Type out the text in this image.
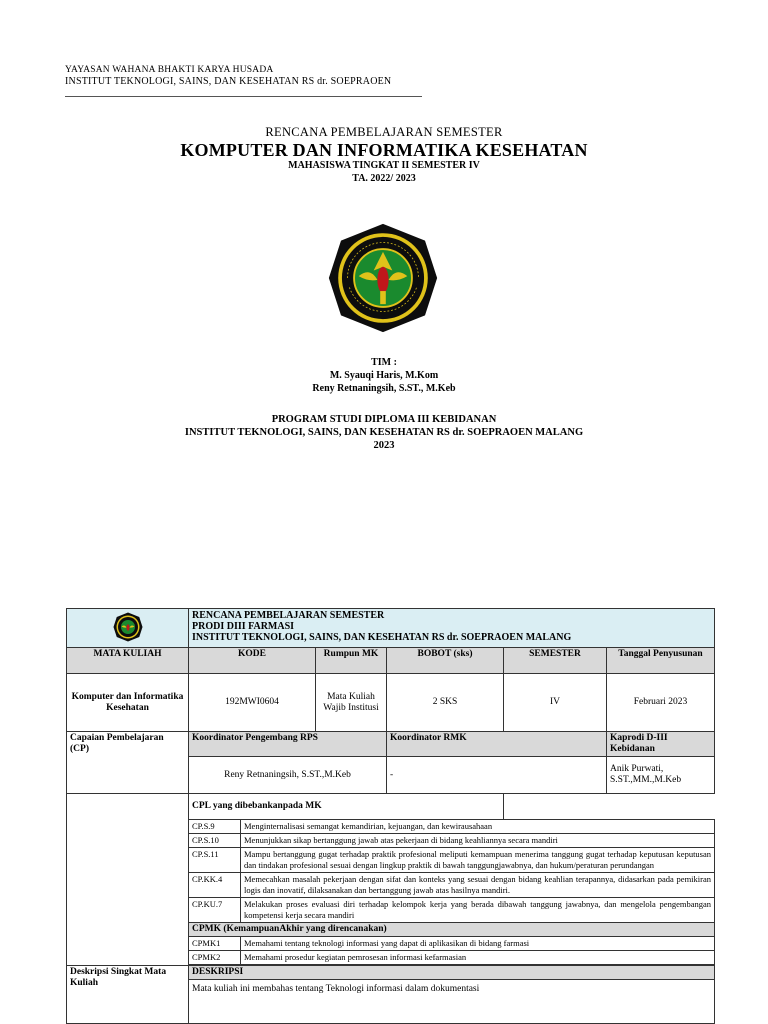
YAYASAN WAHANA BHAKTI KARYA HUSADA
INSTITUT TEKNOLOGI, SAINS, DAN KESEHATAN RS dr. SOEPRAOEN
RENCANA PEMBELAJARAN SEMESTER
KOMPUTER DAN INFORMATIKA KESEHATAN
MAHASISWA TINGKAT II SEMESTER IV
TA. 2022/ 2023
TIM :
M. Syauqi Haris, M.Kom
Reny Retnaningsih, S.ST., M.Keb
PROGRAM STUDI DIPLOMA III KEBIDANAN
INSTITUT TEKNOLOGI, SAINS, DAN KESEHATAN RS dr. SOEPRAOEN MALANG
2023

RENCANA PEMBELAJARAN SEMESTER
PRODI DIII FARMASI
INSTITUT TEKNOLOGI, SAINS, DAN KESEHATAN RS dr. SOEPRAOEN MALANG					

MATA KULIAH	KODE		Rumpun MK	BOBOT (sks)	SEMESTER	Tanggal Penyusunan
Komputer dan Informatika Kesehatan	192MWI0604		Mata Kuliah Wajib Institusi	2 SKS	IV	Februari 2023
Capaian Pembelajaran (CP)	Koordinator Pengembang RPS			Koordinator RMK		Kaprodi D-III Kebidanan
	Reny Retnaningsih, S.ST.,M.Keb			-		Anik Purwati, S.ST.,MM.,M.Keb
	CPL yang dibebankanpada MK					
	CP.S.9	Menginternalisasi semangat kemandirian, kejuangan, dan kewirausahaan				
	CP.S.10	Menunjukkan sikap bertanggung jawab atas pekerjaan di bidang keahliannya secara mandiri				
	CP.S.11	Mampu bertanggung gugat terhadap praktik profesional meliputi kemampuan menerima tanggung gugat terhadap keputusan keputusan dan tindakan profesional sesuai dengan lingkup praktik di bawah tanggungjawabnya, dan hukum/peraturan perundangan				
	CP.KK.4	Memecahkan masalah pekerjaan dengan sifat dan konteks yang sesuai dengan bidang keahlian terapannya, didasarkan pada pemikiran logis dan inovatif, dilaksanakan dan bertanggung jawab atas hasilnya mandiri.				
	CP.KU.7	Melakukan proses evaluasi diri terhadap kelompok kerja yang berada dibawah tanggung jawabnya, dan mengelola pengembangan kompetensi kerja secara mandiri				
	CPMK (KemampuanAkhir yang direncanakan)					
	CPMK1	Memahami tentang teknologi informasi yang dapat di aplikasikan di bidang farmasi				
	CPMK2	Memahami prosedur kegiatan pemrosesan informasi kefarmasian				

Deskripsi Singkat Mata Kuliah	DESKRIPSI					
	Mata kuliah ini membahas tentang Teknologi informasi dalam dokumentasi					
